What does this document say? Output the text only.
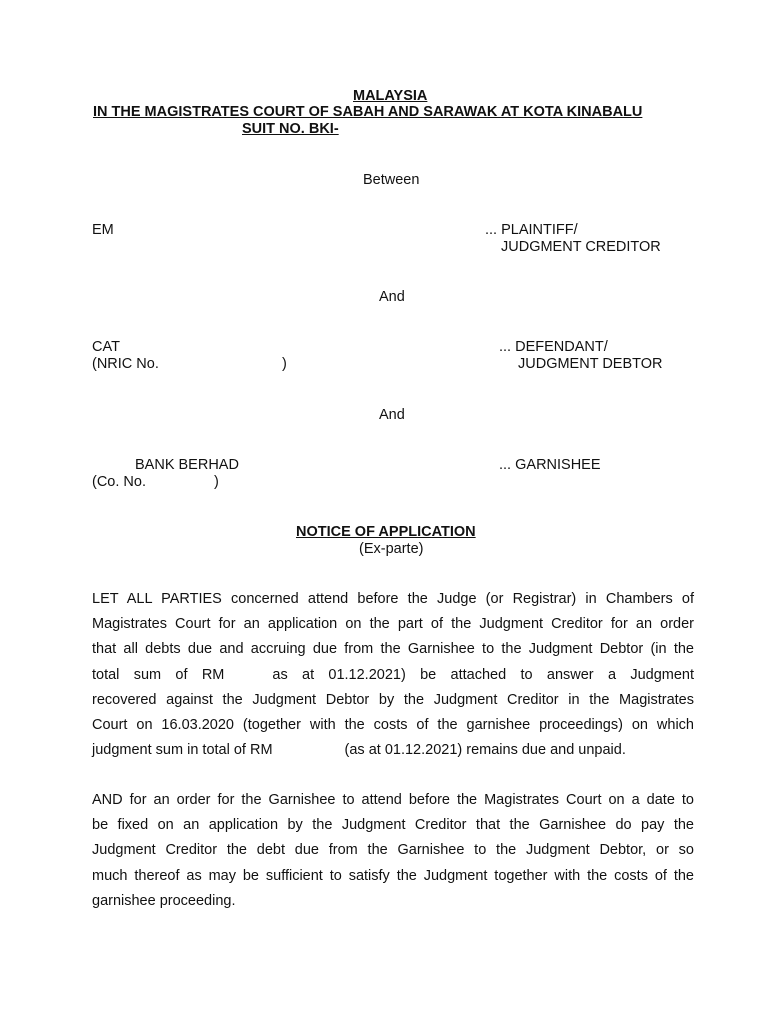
MALAYSIA
IN THE MAGISTRATES COURT OF SABAH AND SARAWAK AT KOTA KINABALU
SUIT NO. BKI-
Between
EM	... PLAINTIFF/
JUDGMENT CREDITOR
And
CAT
(NRIC No.	)
... DEFENDANT/
JUDGMENT DEBTOR
And
BANK BERHAD
(Co. No.	)
... GARNISHEE
NOTICE OF APPLICATION
(Ex-parte)
LET ALL PARTIES concerned attend before the Judge (or Registrar) in Chambers of
Magistrates Court for an application on the part of the Judgment Creditor for an order
that all debts due and accruing due from the Garnishee to the Judgment Debtor (in the
total sum of RM	as at 01.12.2021) be attached to answer a Judgment
recovered against the Judgment Debtor by the Judgment Creditor in the Magistrates
Court on 16.03.2020 (together with the costs of the garnishee proceedings) on which
judgment sum in total of RM	(as at 01.12.2021) remains due and unpaid.
AND for an order for the Garnishee to attend before the Magistrates Court on a date to
be fixed on an application by the Judgment Creditor that the Garnishee do pay the
Judgment Creditor the debt due from the Garnishee to the Judgment Debtor, or so
much thereof as may be sufficient to satisfy the Judgment together with the costs of the
garnishee proceeding.
